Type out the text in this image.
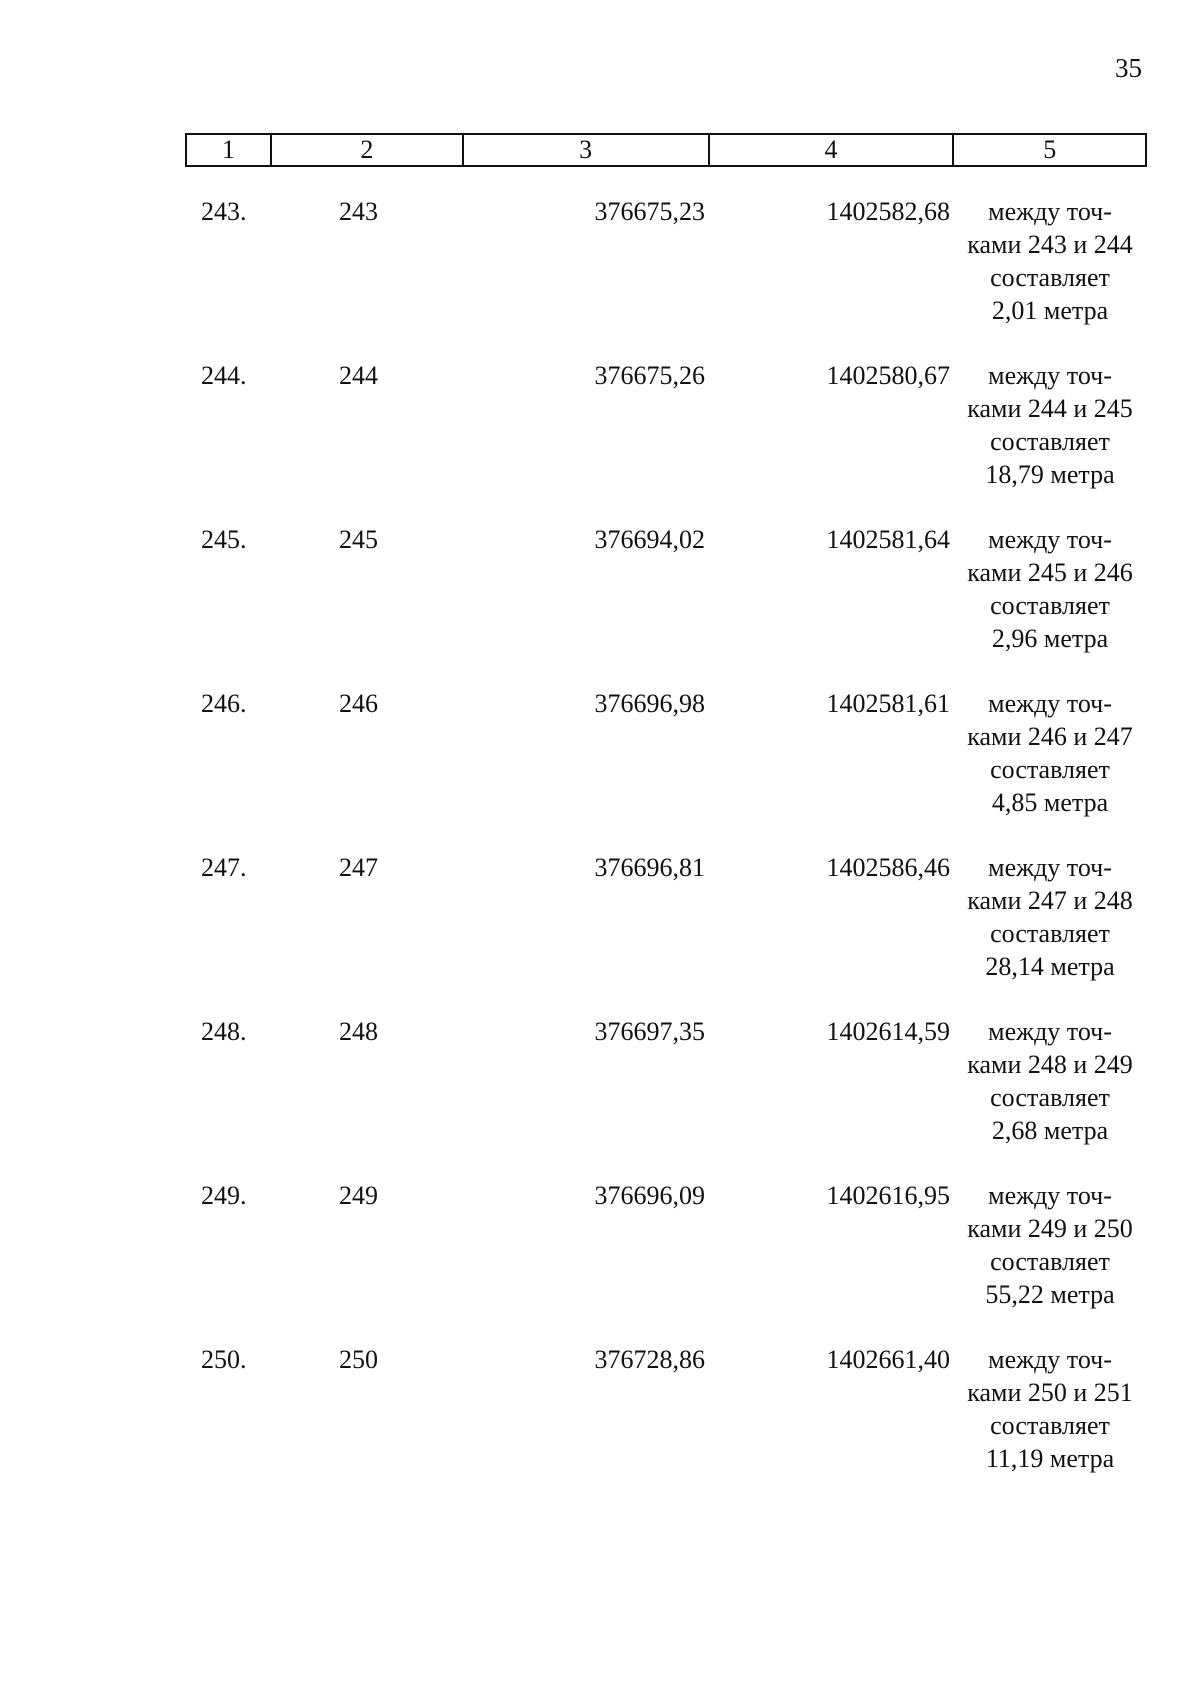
35
1	2	3	4	5
243.	243	376675,23	1402582,68	между точ-
ками 243 и 244
составляет
2,01 метра
244.	244	376675,26	1402580,67	между точ-
ками 244 и 245
составляет
18,79 метра
245.	245	376694,02	1402581,64	между точ-
ками 245 и 246
составляет
2,96 метра
246.	246	376696,98	1402581,61	между точ-
ками 246 и 247
составляет
4,85 метра
247.	247	376696,81	1402586,46	между точ-
ками 247 и 248
составляет
28,14 метра
248.	248	376697,35	1402614,59	между точ-
ками 248 и 249
составляет
2,68 метра
249.	249	376696,09	1402616,95	между точ-
ками 249 и 250
составляет
55,22 метра
250.	250	376728,86	1402661,40	между точ-
ками 250 и 251
составляет
11,19 метра
